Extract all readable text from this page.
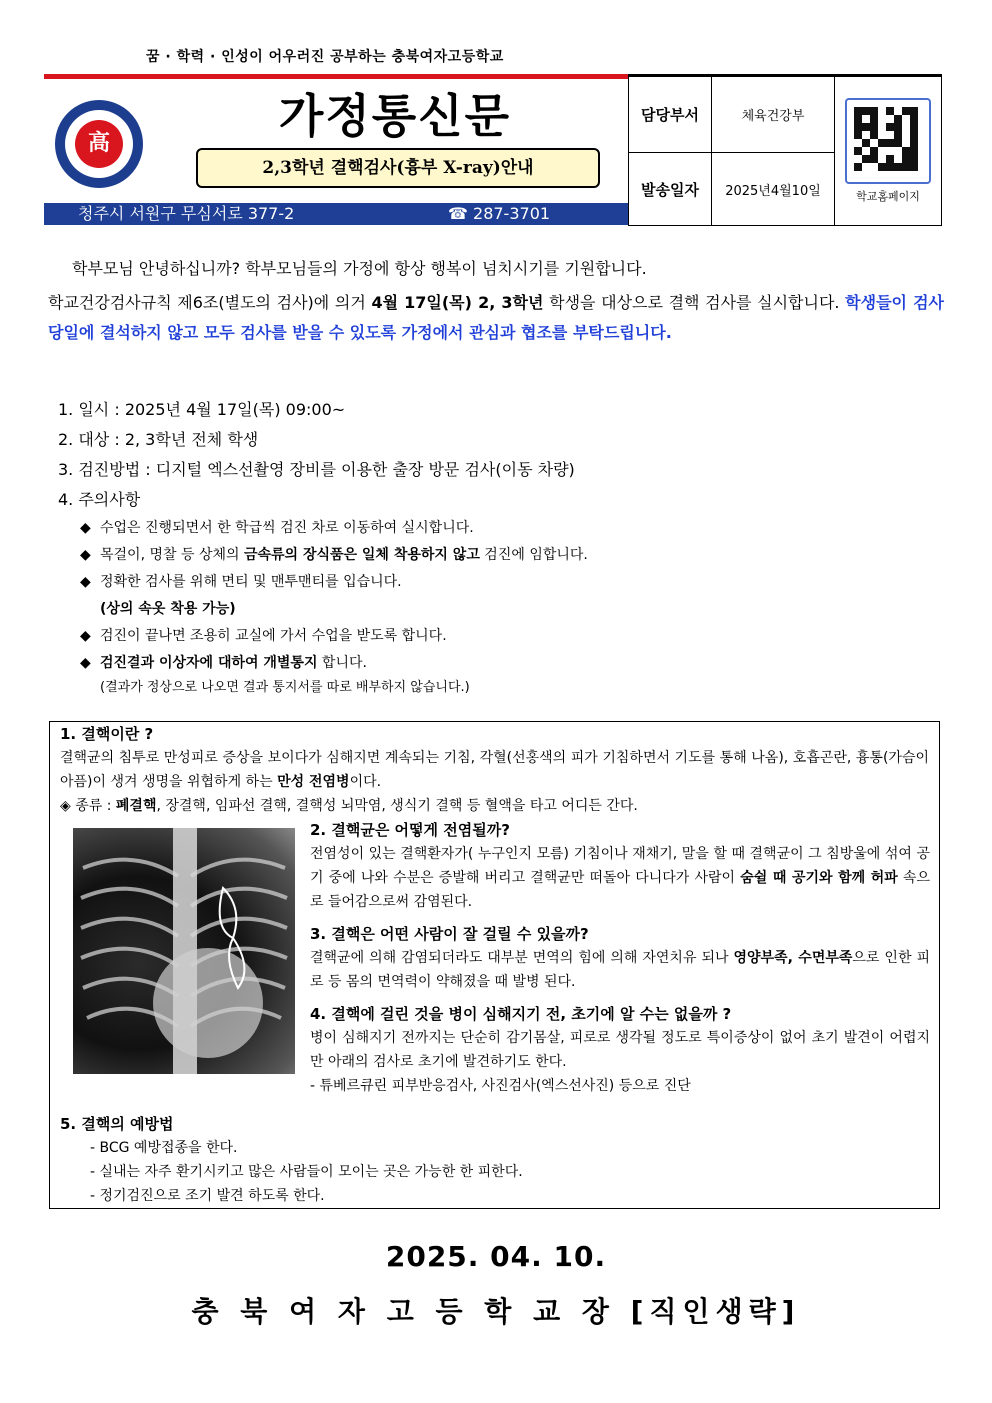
꿈 · 학력 · 인성이 어우러진 공부하는 충북여자고등학교
高
가정통신문
2,3학년 결핵검사(흉부 X-ray)안내
청주시 서원구 무심서로 377-2	☎ 287-3701
담당부서	체육건강부	학교홈페이지

발송일자	2025년4월10일	
학부모님 안녕하십니까? 학부모님들의 가정에 항상 행복이 넘치시기를 기원합니다.
학교건강검사규칙 제6조(별도의 검사)에 의거 4월 17일(목) 2, 3학년 학생을 대상으로 결핵 검사를 실시합니다. 학생들이 검사 당일에 결석하지 않고 모두 검사를 받을 수 있도록 가정에서 관심과 협조를 부탁드립니다.
1. 일시 : 2025년 4월 17일(목) 09:00~
2. 대상 : 2, 3학년 전체 학생
3. 검진방법 : 디지털 엑스선촬영 장비를 이용한 출장 방문 검사(이동 차량)
4. 주의사항
◆ 수업은 진행되면서 한 학급씩 검진 차로 이동하여 실시합니다.
◆ 목걸이, 명찰 등 상체의 금속류의 장식품은 일체 착용하지 않고 검진에 임합니다.
◆ 정확한 검사를 위해 면티 및 맨투맨티를 입습니다.
(상의 속옷 착용 가능)
◆ 검진이 끝나면 조용히 교실에 가서 수업을 받도록 합니다.
◆ 검진결과 이상자에 대하여 개별통지 합니다.
(결과가 정상으로 나오면 결과 통지서를 따로 배부하지 않습니다.)
1. 결핵이란 ?
결핵균의 침투로 만성피로 증상을 보이다가 심해지면 계속되는 기침, 각혈(선홍색의 피가 기침하면서 기도를 통해 나옴), 호흡곤란, 흉통(가슴이 아픔)이 생겨 생명을 위협하게 하는 만성 전염병이다.
◈ 종류 : 폐결핵, 장결핵, 임파선 결핵, 결핵성 뇌막염, 생식기 결핵 등 혈액을 타고 어디든 간다.
2. 결핵균은 어떻게 전염될까?
전염성이 있는 결핵환자가( 누구인지 모름) 기침이나 재채기, 말을 할 때 결핵균이 그 침방울에 섞여 공기 중에 나와 수분은 증발해 버리고 결핵균만 떠돌아 다니다가 사람이 숨쉴 때 공기와 함께 허파 속으로 들어감으로써 감염된다.
3. 결핵은 어떤 사람이 잘 걸릴 수 있을까?
결핵균에 의해 감염되더라도 대부분 면역의 힘에 의해 자연치유 되나 영양부족, 수면부족으로 인한 피로 등 몸의 면역력이 약해졌을 때 발병 된다.
4. 결핵에 걸린 것을 병이 심해지기 전, 초기에 알 수는 없을까 ?
병이 심해지기 전까지는 단순히 감기몸살, 피로로 생각될 정도로 특이증상이 없어 초기 발견이 어렵지만 아래의 검사로 초기에 발견하기도 한다.
- 튜베르큐린 피부반응검사, 사진검사(엑스선사진) 등으로 진단
5. 결핵의 예방법
- BCG 예방접종을 한다.
- 실내는 자주 환기시키고 많은 사람들이 모이는 곳은 가능한 한 피한다.
- 정기검진으로 조기 발견 하도록 한다.
2025. 04. 10.
충 북 여 자 고 등 학 교 장 [직인생략]
